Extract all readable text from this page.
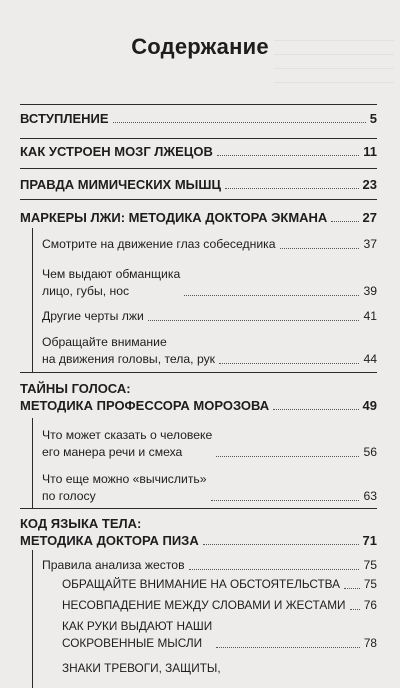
Содержание
ВСТУПЛЕНИЕ	5
КАК УСТРОЕН МОЗГ ЛЖЕЦОВ	11
ПРАВДА МИМИЧЕСКИХ МЫШЦ	23
МАРКЕРЫ ЛЖИ: МЕТОДИКА ДОКТОРА ЭКМАНА	27
Смотрите на движение глаз собеседника	37
Чем выдают обманщика
лицо, губы, нос	39
Другие черты лжи	41
Обращайте внимание
на движения головы, тела, рук	44
ТАЙНЫ ГОЛОСА:
МЕТОДИКА ПРОФЕССОРА МОРОЗОВА	49
Что может сказать о человеке
его манера речи и смеха	56
Что еще можно «вычислить»
по голосу	63
КОД ЯЗЫКА ТЕЛА:
МЕТОДИКА ДОКТОРА ПИЗА	71
Правила анализа жестов	75
ОБРАЩАЙТЕ ВНИМАНИЕ НА ОБСТОЯТЕЛЬСТВА 75
НЕСОВПАДЕНИЕ МЕЖДУ СЛОВАМИ И ЖЕСТАМИ 76
КАК РУКИ ВЫДАЮТ НАШИ
СОКРОВЕННЫЕ МЫСЛИ	78
ЗНАКИ ТРЕВОГИ, ЗАЩИТЫ,
